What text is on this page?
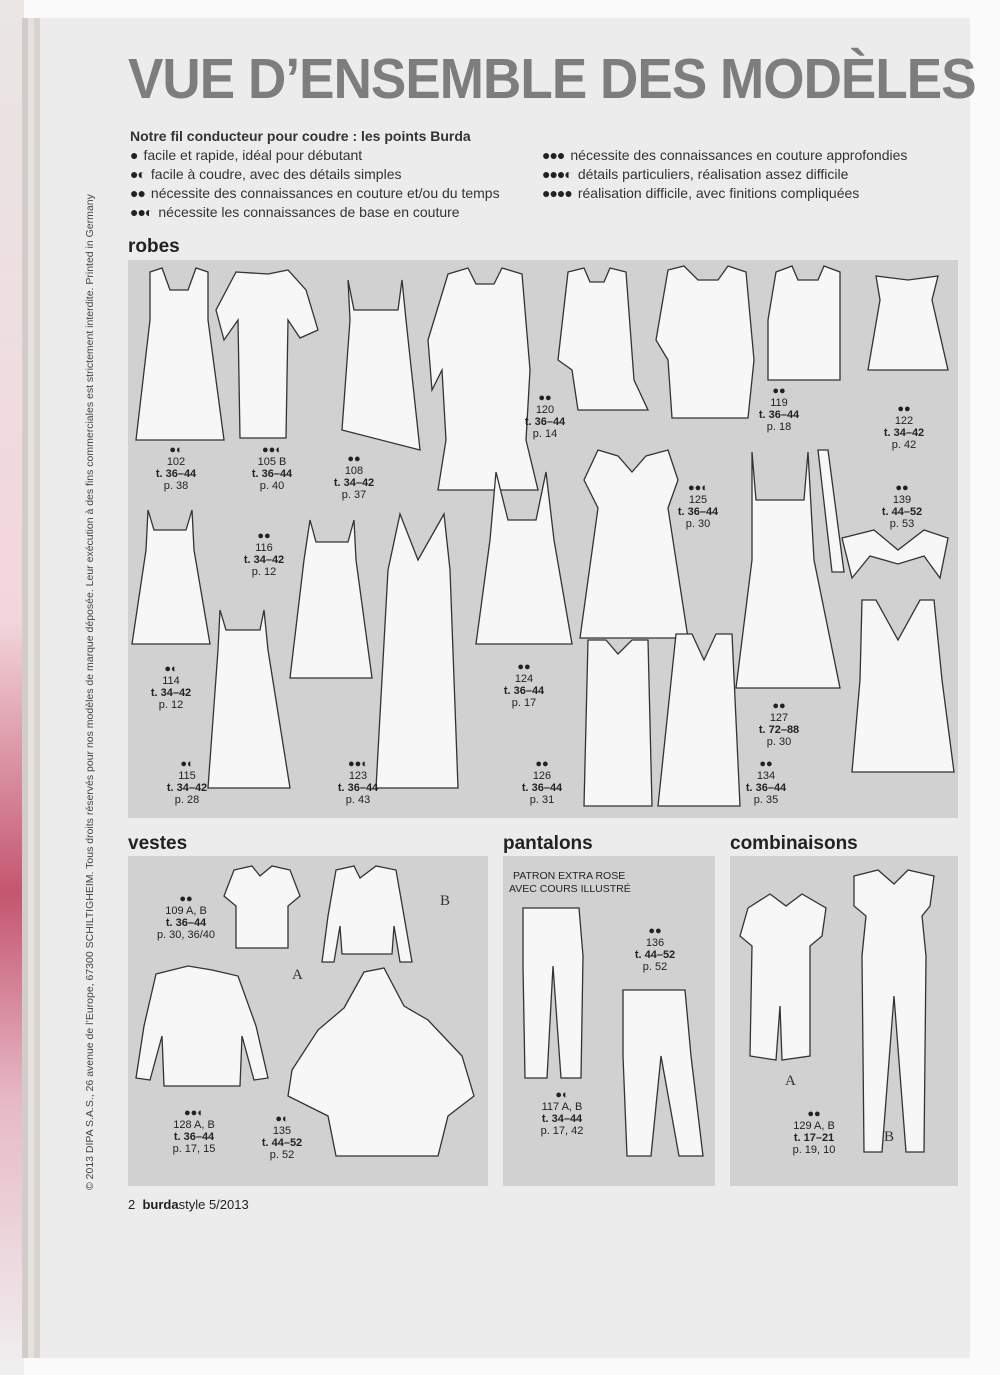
VUE D’ENSEMBLE DES MODÈLES
© 2013 DIPA S.A.S., 26 avenue de l’Europe, 67300 SCHILTIGHEIM. Tous droits réservés pour nos modèles de marque déposée. Leur exécution à des fins commerciales est strictement interdite. Printed in Germany
Notre fil conducteur pour coudre : les points Burda
● facile et rapide, idéal pour débutant
●◐ facile à coudre, avec des détails simples
●● nécessite des connaissances en couture et/ou du temps
●●◐ nécessite les connaissances de base en couture
●●● nécessite des connaissances en couture approfondies
●●●◐ détails particuliers, réalisation assez difficile
●●●● réalisation difficile, avec finitions compliquées
robes
vestes	pantalons	combinaisons
●◐
102
t. 36–44
p. 38
●●◐
105 B
t. 36–44
p. 40
●●
108
t. 34–42
p. 37
●●
120
t. 36–44
p. 14
●●
119
t. 36–44
p. 18
●●
122
t. 34–42
p. 42
●●
116
t. 34–42
p. 12
●●◐
125
t. 36–44
p. 30
●●
139
t. 44–52
p. 53
●◐
114
t. 34–42
p. 12
●●
124
t. 36–44
p. 17	●●
127
t. 72–88
p. 30
●◐
115
t. 34–42
p. 28
●●◐
123
t. 36–44
p. 43
●●
126
t. 36–44
p. 31
●●
134
t. 36–44
p. 35
●●
109 A, B
t. 36–44
p. 30, 36/40
●●◐
128 A, B
t. 36–44
p. 17, 15
●◐
135
t. 44–52
p. 52
●●
136
t. 44–52
p. 52
●◐
117 A, B
t. 34–44
p. 17, 42
●●
129 A, B
t. 17–21
p. 19, 10
PATRON EXTRA ROSE
AVEC COURS ILLUSTRÉ
A
B
A
B
2 burdastyle 5/2013
